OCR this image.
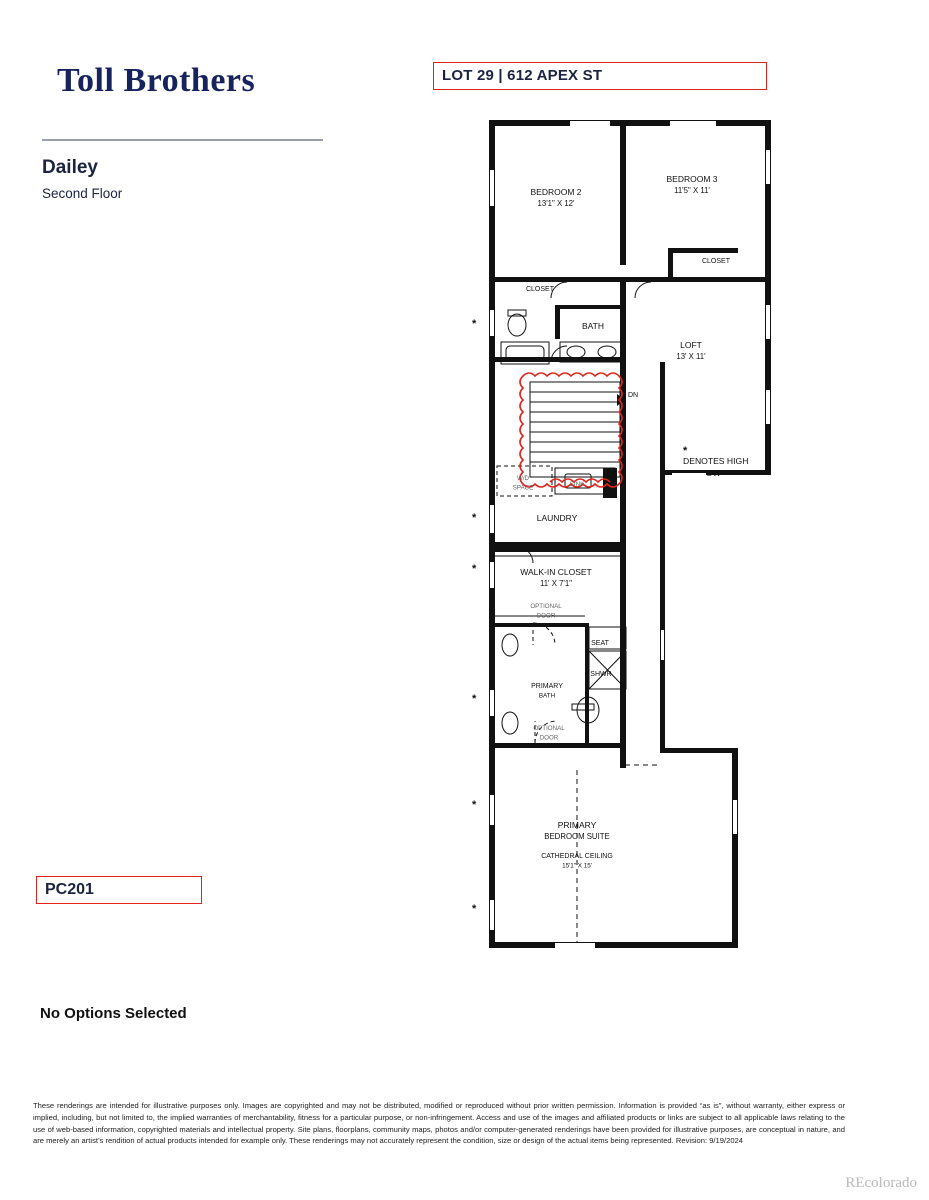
Toll Brothers
Dailey
Second Floor
PC201
No Options Selected
These renderings are intended for illustrative purposes only. Images are copyrighted and may not be distributed, modified or reproduced without prior written permission. Information is provided “as is”, without warranty, either express or implied, including, but not limited to, the implied warranties of merchantability, fitness for a particular purpose, or non-infringement. Access and use of the images and affiliated products or links are subject to all applicable laws relating to the use of web-based information, copyrighted materials and intellectual property. Site plans, floorplans, community maps, photos and/or computer-generated renderings have been provided for illustrative purposes, are conceptual in nature, and are merely an artist’s rendition of actual products intended for example only. These renderings may not accurately represent the condition, size or design of the actual items being represented. Revision: 9/19/2024
REcolorado
LOT 29 | 612 APEX ST
DENOTES HIGH
BEDROOM 2
13'1" X 12'
BEDROOM 3
11'5" X 11'
CLOSET
CLOSET
BATH
LOFT
13' X 11'
LAUNDRY
W/D
SPACE	SINK
DN
WALK-IN CLOSET
11' X 7'1"
OPTIONAL
DOOR
SEAT
SHWR
PRIMARY
BATH
OPTIONAL
DOOR
PRIMARY
BEDROOM SUITE
CATHEDRAL CEILING
15'1" X 15'
*
*
*
*
*
*
*
